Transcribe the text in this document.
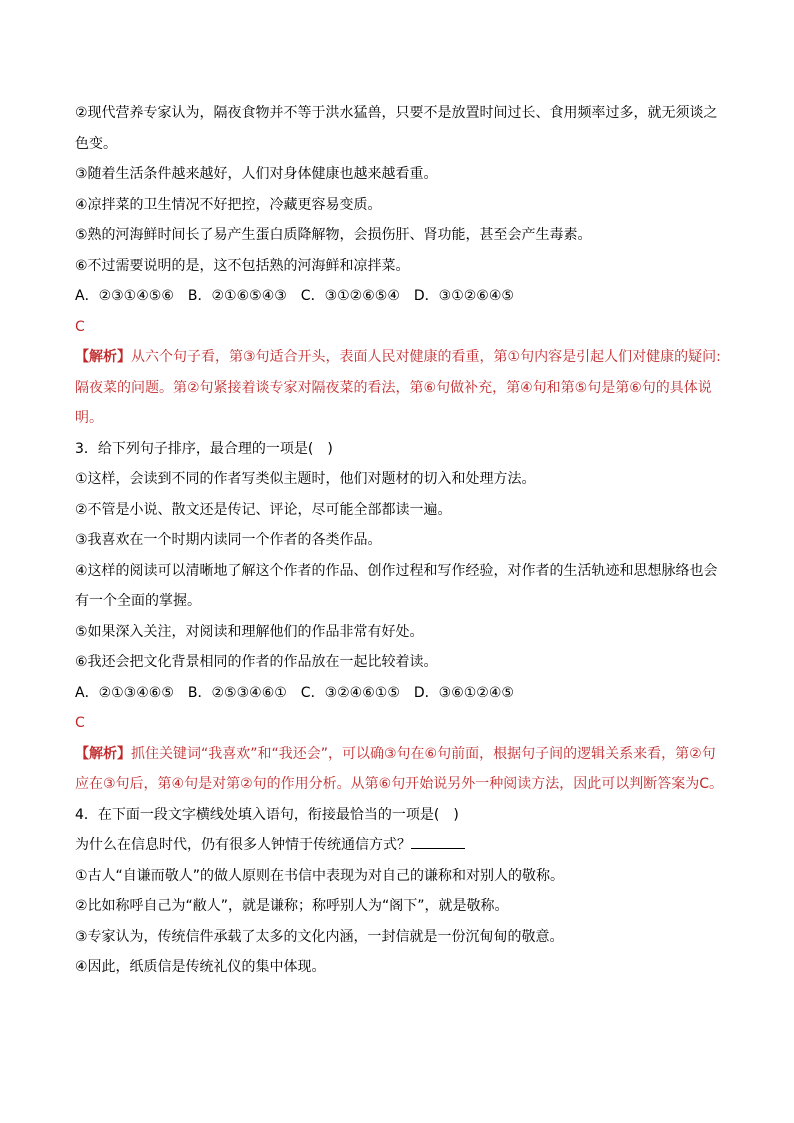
②现代营养专家认为，隔夜食物并不等于洪水猛兽，只要不是放置时间过长、食用频率过多，就无须谈之色变。
③随着生活条件越来越好，人们对身体健康也越来越看重。
④凉拌菜的卫生情况不好把控，冷藏更容易变质。
⑤熟的河海鲜时间长了易产生蛋白质降解物，会损伤肝、肾功能，甚至会产生毒素。
⑥不过需要说明的是，这不包括熟的河海鲜和凉拌菜。
A．②③①④⑤⑥　B．②①⑥⑤④③　C．③①②⑥⑤④　D．③①②⑥④⑤
C
【解析】从六个句子看，第③句适合开头，表面人民对健康的看重，第①句内容是引起人们对健康的疑问:隔夜菜的问题。第②句紧接着谈专家对隔夜菜的看法，第⑥句做补充，第④句和第⑤句是第⑥句的具体说明。
3．给下列句子排序，最合理的一项是(　)
①这样，会读到不同的作者写类似主题时，他们对题材的切入和处理方法。
②不管是小说、散文还是传记、评论，尽可能全部都读一遍。
③我喜欢在一个时期内读同一个作者的各类作品。
④这样的阅读可以清晰地了解这个作者的作品、创作过程和写作经验，对作者的生活轨迹和思想脉络也会有一个全面的掌握。
⑤如果深入关注，对阅读和理解他们的作品非常有好处。
⑥我还会把文化背景相同的作者的作品放在一起比较着读。
A．②①③④⑥⑤　B．②⑤③④⑥①　C．③②④⑥①⑤　D．③⑥①②④⑤
C
【解析】抓住关键词“我喜欢”和“我还会”，可以确③句在⑥句前面，根据句子间的逻辑关系来看，第②句应在③句后，第④句是对第②句的作用分析。从第⑥句开始说另外一种阅读方法，因此可以判断答案为C。
4．在下面一段文字横线处填入语句，衔接最恰当的一项是(　)
为什么在信息时代，仍有很多人钟情于传统通信方式？
①古人“自谦而敬人”的做人原则在书信中表现为对自己的谦称和对别人的敬称。
②比如称呼自己为“敝人”，就是谦称；称呼别人为“阁下”，就是敬称。
③专家认为，传统信件承载了太多的文化内涵，一封信就是一份沉甸甸的敬意。
④因此，纸质信是传统礼仪的集中体现。
